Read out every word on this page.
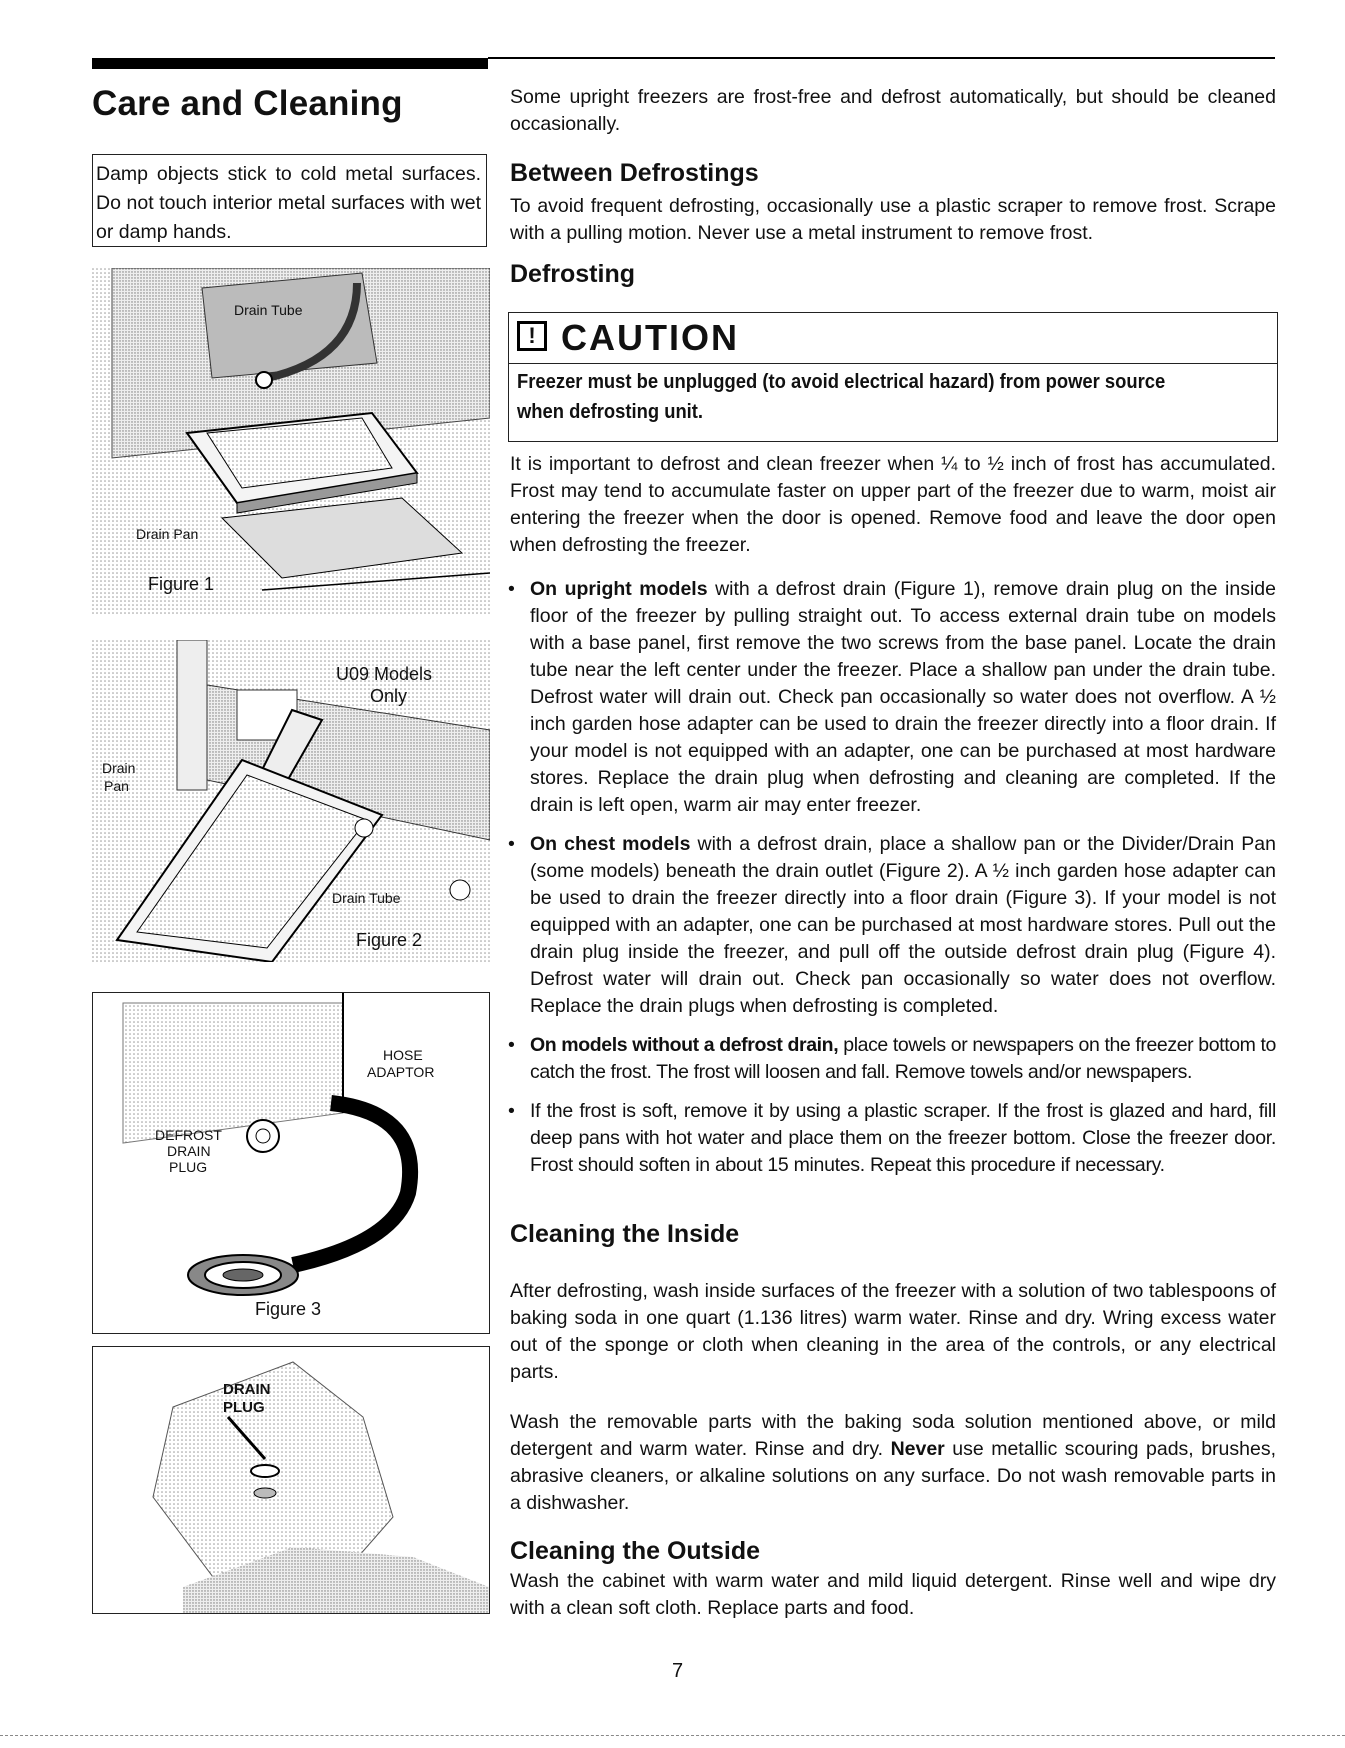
Care and Cleaning
Damp objects stick to cold metal surfaces. Do not touch interior metal surfaces with wet or damp hands.
Drain Tube
Drain Pan
Figure 1
U09 Models
Only
Drain
Pan
Drain Tube
Figure 2
HOSE
ADAPTOR
DEFROST
DRAIN
PLUG
Figure 3
DRAIN
PLUG
Some upright freezers are frost-free and defrost automatically, but should be cleaned occasionally.
Between Defrostings
To avoid frequent defrosting, occasionally use a plastic scraper to remove frost. Scrape with a pulling motion. Never use a metal instrument to remove frost.
Defrosting
! CAUTION
Freezer must be unplugged (to avoid electrical hazard) from power source when defrosting unit.
It is important to defrost and clean freezer when ¼ to ½ inch of frost has accumulated. Frost may tend to accumulate faster on upper part of the freezer due to warm, moist air entering the freezer when the door is opened. Remove food and leave the door open when defrosting the freezer.
• On upright models with a defrost drain (Figure 1), remove drain plug on the inside floor of the freezer by pulling straight out. To access external drain tube on models with a base panel, first remove the two screws from the base panel. Locate the drain tube near the left center under the freezer. Place a shallow pan under the drain tube. Defrost water will drain out. Check pan occasionally so water does not overflow. A ½ inch garden hose adapter can be used to drain the freezer directly into a floor drain. If your model is not equipped with an adapter, one can be purchased at most hardware stores. Replace the drain plug when defrosting and cleaning are completed. If the drain is left open, warm air may enter freezer.
• On chest models with a defrost drain, place a shallow pan or the Divider/Drain Pan (some models) beneath the drain outlet (Figure 2). A ½ inch garden hose adapter can be used to drain the freezer directly into a floor drain (Figure 3). If your model is not equipped with an adapter, one can be purchased at most hardware stores. Pull out the drain plug inside the freezer, and pull off the outside defrost drain plug (Figure 4). Defrost water will drain out. Check pan occasionally so water does not overflow. Replace the drain plugs when defrosting is completed.
• On models without a defrost drain, place towels or newspapers on the freezer bottom to catch the frost. The frost will loosen and fall. Remove towels and/or newspapers.
• If the frost is soft, remove it by using a plastic scraper. If the frost is glazed and hard, fill deep pans with hot water and place them on the freezer bottom. Close the freezer door. Frost should soften in about 15 minutes. Repeat this procedure if necessary.
Cleaning the Inside
After defrosting, wash inside surfaces of the freezer with a solution of two tablespoons of baking soda in one quart (1.136 litres) warm water. Rinse and dry. Wring excess water out of the sponge or cloth when cleaning in the area of the controls, or any electrical parts.
Wash the removable parts with the baking soda solution mentioned above, or mild detergent and warm water. Rinse and dry. Never use metallic scouring pads, brushes, abrasive cleaners, or alkaline solutions on any surface. Do not wash removable parts in a dishwasher.
Cleaning the Outside
Wash the cabinet with warm water and mild liquid detergent. Rinse well and wipe dry with a clean soft cloth. Replace parts and food.
7
